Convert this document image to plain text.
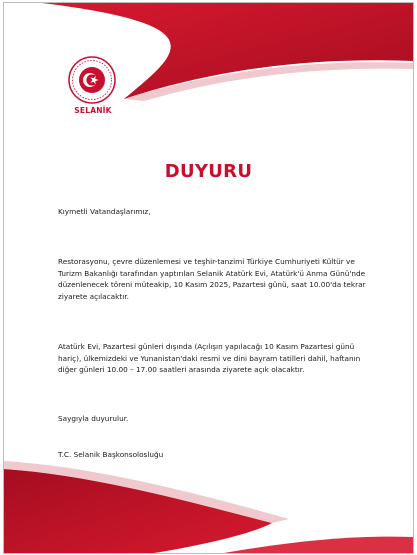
SELANİK
DUYURU

Kıymetli Vatandaşlarımız,

Restorasyonu, çevre düzenlemesi ve teşhir-tanzimi Türkiye Cumhuriyeti Kültür ve Turizm Bakanlığı tarafından yaptırılan Selanik Atatürk Evi, Atatürk'ü Anma Günü'nde düzenlenecek töreni müteakip, 10 Kasım 2025, Pazartesi günü, saat 10.00'da tekrar ziyarete açılacaktır.

Atatürk Evi, Pazartesi günleri dışında (Açılışın yapılacağı 10 Kasım Pazartesi günü hariç), ülkemizdeki ve Yunanistan'daki resmi ve dini bayram tatilleri dahil, haftanın diğer günleri 10.00 – 17.00 saatleri arasında ziyarete açık olacaktır.

Saygıyla duyurulur.

T.C. Selanik Başkonsolosluğu
